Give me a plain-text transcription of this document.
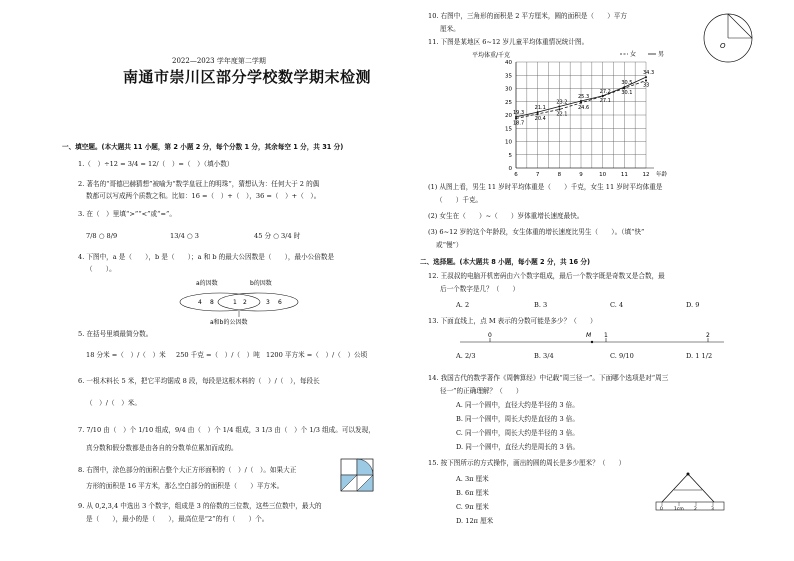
2022—2023 学年度第二学期
南通市崇川区部分学校数学期末检测
一、填空题。(本大题共 11 小题，第 2 小题 2 分，每个分数 1 分，其余每空 1 分，共 31 分)
1.（　）÷12 = 3/4 = 12/（　）=（　）（填小数）
2. 著名的“哥德巴赫猜想”被喻为“数学皇冠上的明珠”，猜想认为：任何大于 2 的偶
数都可以写成两个质数之和。比如：16 =（　）+（　），36 =（　）+（　）。
3. 在（　）里填“>”“<”或“=”。
7/8 ○ 8/9	13/4 ○ 3	45 分 ○ 3/4 时
4. 下图中，a 是（　　），b 是（　　）；a 和 b 的最大公因数是（　　），最小公倍数是
（　　）。
a的因数	b的因数
4 8	1 2	3 6
a和b的公因数
5. 在括号里填最简分数。
18 分米 =（　）/（　）米 250 千克 =（　）/（　）吨 1200 平方米 =（　）/（　）公顷
6. 一根木料长 5 米，把它平均锯成 8 段，每段是这根木料的（　）/（　），每段长
（　）/（　）米。
7. 7/10 由（　）个 1/10 组成，9/4 由（　）个 1/4 组成，3 1/3 由（　）个 1/3 组成。可以发现，
真分数和假分数都是由各自的分数单位累加而成的。
8. 右图中，涂色部分的面积占整个大正方形面积的（　）/（　）。如果大正
方形的面积是 16 平方米，那么空白部分的面积是（　　）平方米。
9. 从 0,2,3,4 中选出 3 个数字，组成是 3 的倍数的三位数，这些三位数中，最大的
是（　　），最小的是（　　），最高位是“2”的有（　　）个。
10. 右图中，三角形的面积是 2 平方厘米，圆的面积是（　　）平方
厘米。
O
11. 下图是某地区 6~12 岁儿童平均体重情况统计图。
平均体重/千克	女	男
0
5
10
15
20
25
30
35
40
6	7	8	9	10	11	12 年龄
18.7
20.4
22.1
24.6
27.1
30.1
33
19.3
21.1
23.2
25.3
27.2
30.5
34.3
(1) 从图上看，男生 11 岁时平均体重是（　　）千克，女生 11 岁时平均体重是
（　　）千克。
(2) 女生在（　　）~（　　）岁体重增长速度最快。
(3) 6~12 岁的这个年龄段，女生体重的增长速度比男生（　　）。（填“快”
或“慢”）
二、选择题。(本大题共 8 小题，每小题 2 分，共 16 分)
12. 王叔叔的电脑开机密码由六个数字组成，最后一个数字既是奇数又是合数，最
后一个数字是几？（　　）
A. 2	B. 3	C. 4	D. 9
13. 下面直线上，点 M 表示的分数可能是多少？（　　）
0	M 1	2
A. 2/3	B. 3/4	C. 9/10	D. 1 1/2
14. 我国古代的数学著作《周髀算经》中记载“周三径一”。下面哪个选项是对“周三
径一”的正确理解？（　　）
A. 同一个圆中，直径大约是半径的 3 倍。
B. 同一个圆中，周长大约是直径的 3 倍。
C. 同一个圆中，周长大约是半径的 3 倍。
D. 同一个圆中，直径大约是周长的 3 倍。
15. 按下图所示的方式操作，画出的圆的周长是多少厘米？（　　）
A. 3π 厘米
B. 6π 厘米
C. 9π 厘米
D. 12π 厘米
0 1cm 2	3
